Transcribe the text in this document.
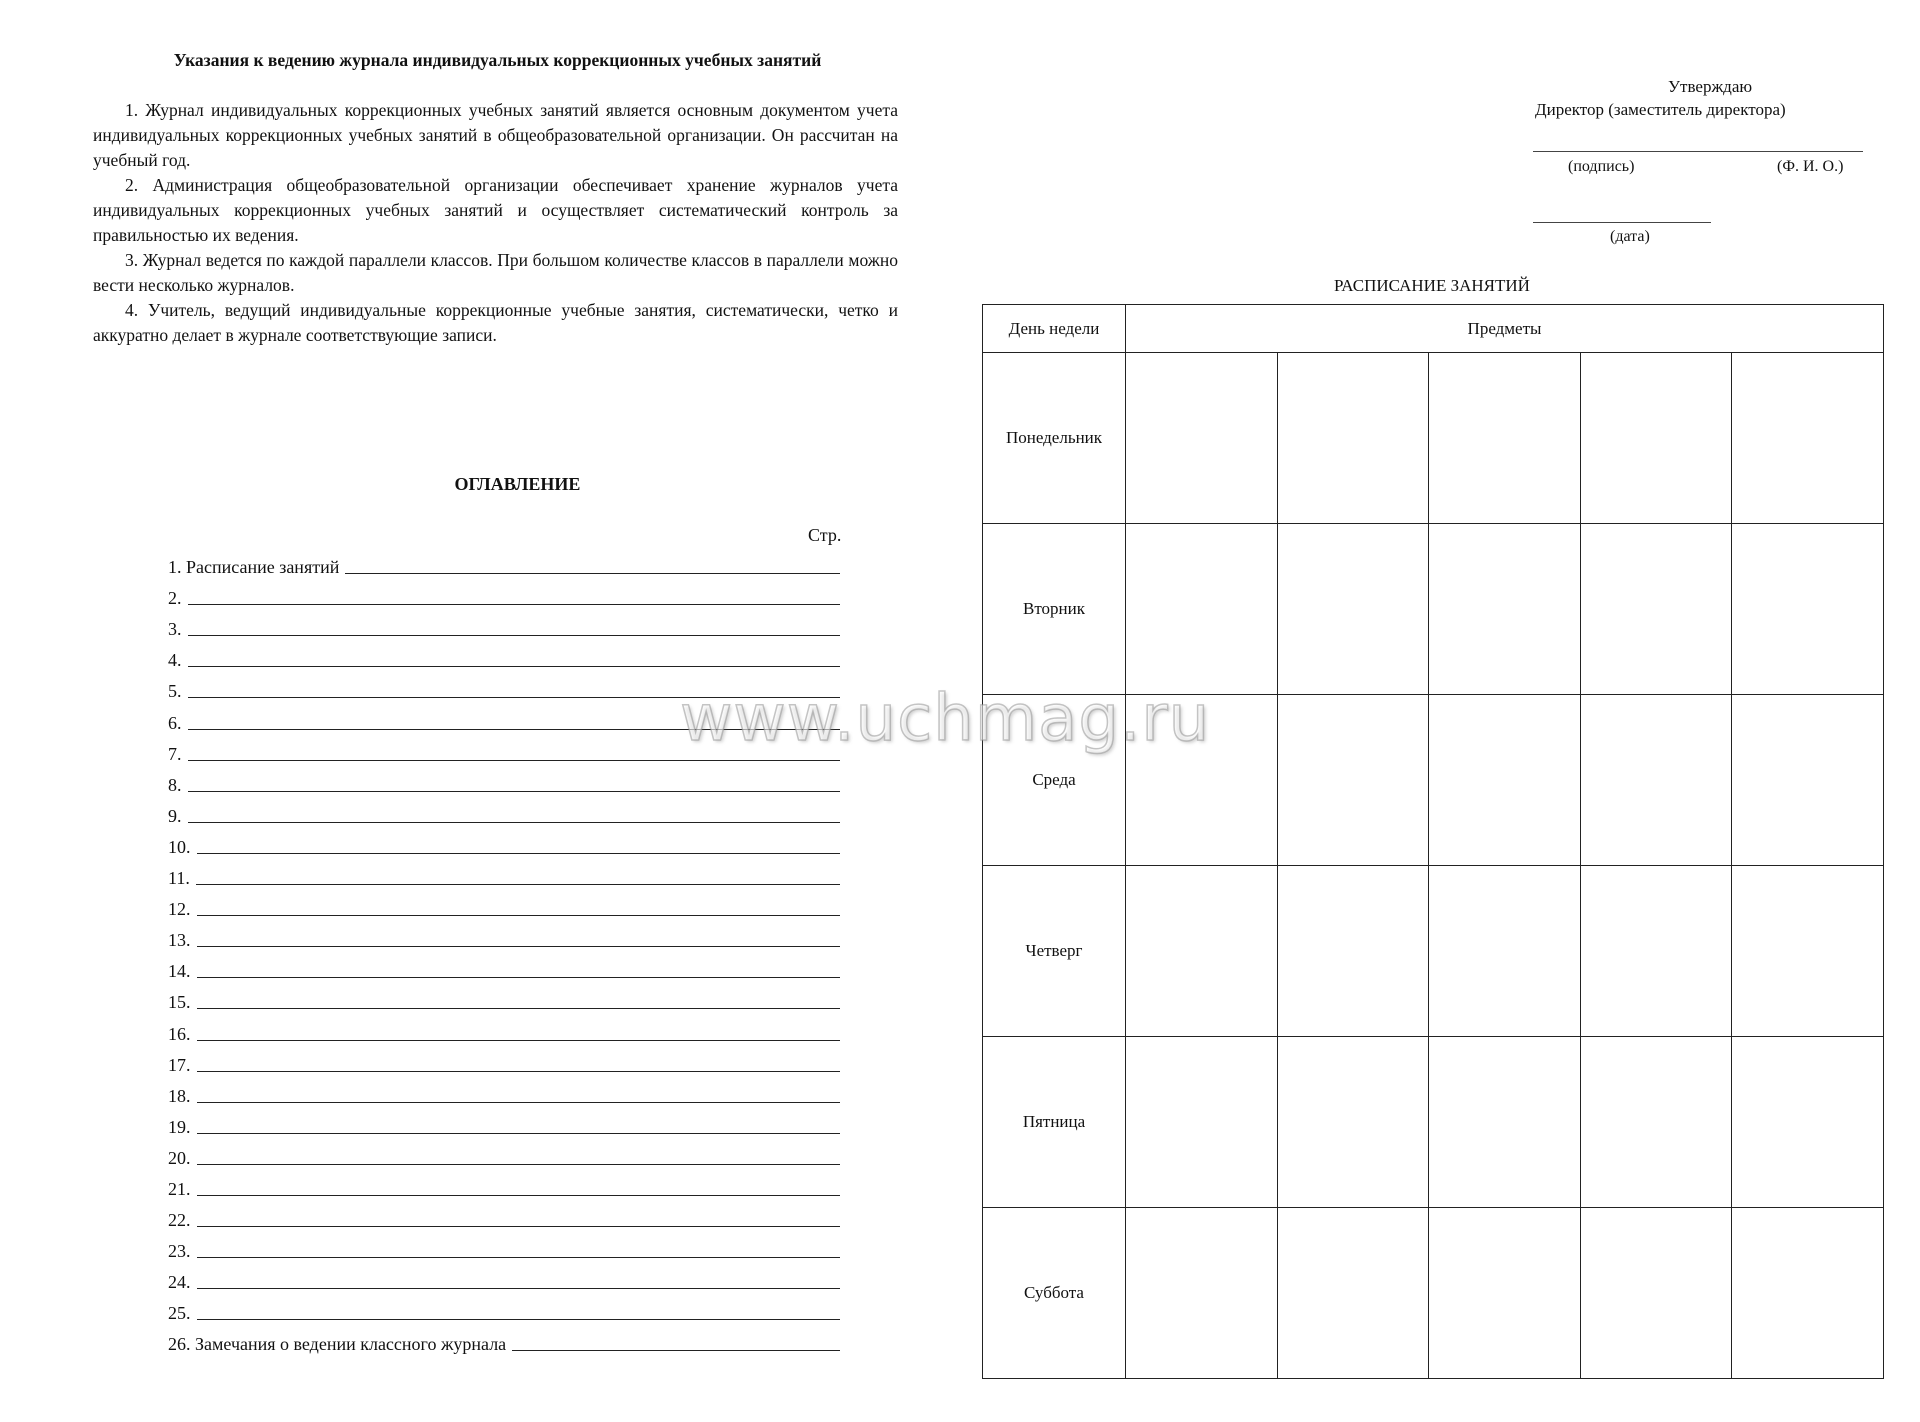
Указания к ведению журнала индивидуальных коррекционных учебных занятий

1. Журнал индивидуальных коррекционных учебных занятий является основным документом учета индивидуальных коррекционных учебных занятий в общеобразовательной организации. Он рассчитан на учебный год.

2. Администрация общеобразовательной организации обеспечивает хранение журналов учета индивидуальных коррекционных учебных занятий и осуществляет систематический контроль за правильностью их ведения.

3. Журнал ведется по каждой параллели классов. При большом количестве классов в параллели можно вести несколько журналов.

4. Учитель, ведущий индивидуальные коррекционные учебные занятия, систематически, четко и аккуратно делает в журнале соответствующие записи.

ОГЛАВЛЕНИЕ
Стр.
1. Расписание занятий
2.
3.
4.
5.
6.
7.
8.
9.
10.
11.
12.
13.
14.
15.
16.
17.
18.
19.
20.
21.
22.
23.
24.
25.
26. Замечания о ведении классного журнала
Утверждаю
Директор (заместитель директора)
(подпись)	(Ф. И. О.)
(дата)
РАСПИСАНИЕ ЗАНЯТИЙ
День недели	Предметы				
Понедельник					
Вторник					
Среда					
Четверг					
Пятница					
Суббота					
www.uchmag.ru
